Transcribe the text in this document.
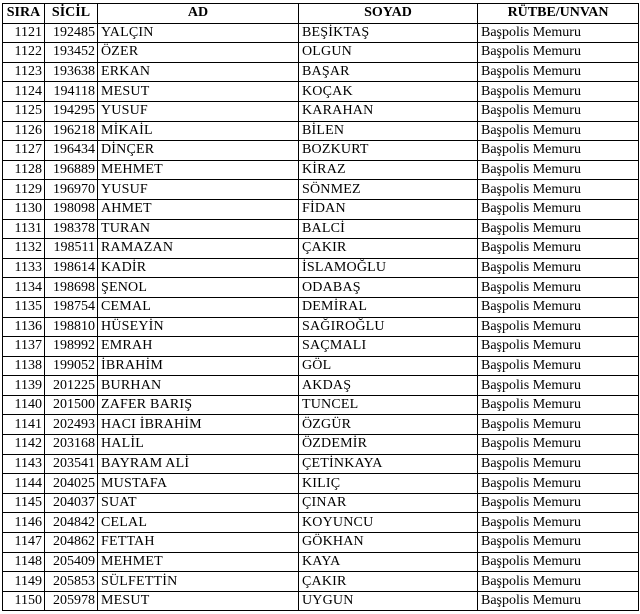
SIRA	SİCİL	AD	SOYAD	RÜTBE/UNVAN
1121	192485	YALÇIN	BEŞİKTAŞ	Başpolis Memuru
1122	193452	ÖZER	OLGUN	Başpolis Memuru
1123	193638	ERKAN	BAŞAR	Başpolis Memuru
1124	194118	MESUT	KOÇAK	Başpolis Memuru
1125	194295	YUSUF	KARAHAN	Başpolis Memuru
1126	196218	MİKAİL	BİLEN	Başpolis Memuru
1127	196434	DİNÇER	BOZKURT	Başpolis Memuru
1128	196889	MEHMET	KİRAZ	Başpolis Memuru
1129	196970	YUSUF	SÖNMEZ	Başpolis Memuru
1130	198098	AHMET	FİDAN	Başpolis Memuru
1131	198378	TURAN	BALCİ	Başpolis Memuru
1132	198511	RAMAZAN	ÇAKIR	Başpolis Memuru
1133	198614	KADİR	İSLAMOĞLU	Başpolis Memuru
1134	198698	ŞENOL	ODABAŞ	Başpolis Memuru
1135	198754	CEMAL	DEMİRAL	Başpolis Memuru
1136	198810	HÜSEYİN	SAĞIROĞLU	Başpolis Memuru
1137	198992	EMRAH	SAÇMALI	Başpolis Memuru
1138	199052	İBRAHİM	GÖL	Başpolis Memuru
1139	201225	BURHAN	AKDAŞ	Başpolis Memuru
1140	201500	ZAFER BARIŞ	TUNCEL	Başpolis Memuru
1141	202493	HACI İBRAHİM	ÖZGÜR	Başpolis Memuru
1142	203168	HALİL	ÖZDEMİR	Başpolis Memuru
1143	203541	BAYRAM ALİ	ÇETİNKAYA	Başpolis Memuru
1144	204025	MUSTAFA	KILIÇ	Başpolis Memuru
1145	204037	SUAT	ÇINAR	Başpolis Memuru
1146	204842	CELAL	KOYUNCU	Başpolis Memuru
1147	204862	FETTAH	GÖKHAN	Başpolis Memuru
1148	205409	MEHMET	KAYA	Başpolis Memuru
1149	205853	SÜLFETTİN	ÇAKIR	Başpolis Memuru
1150	205978	MESUT	UYGUN	Başpolis Memuru
